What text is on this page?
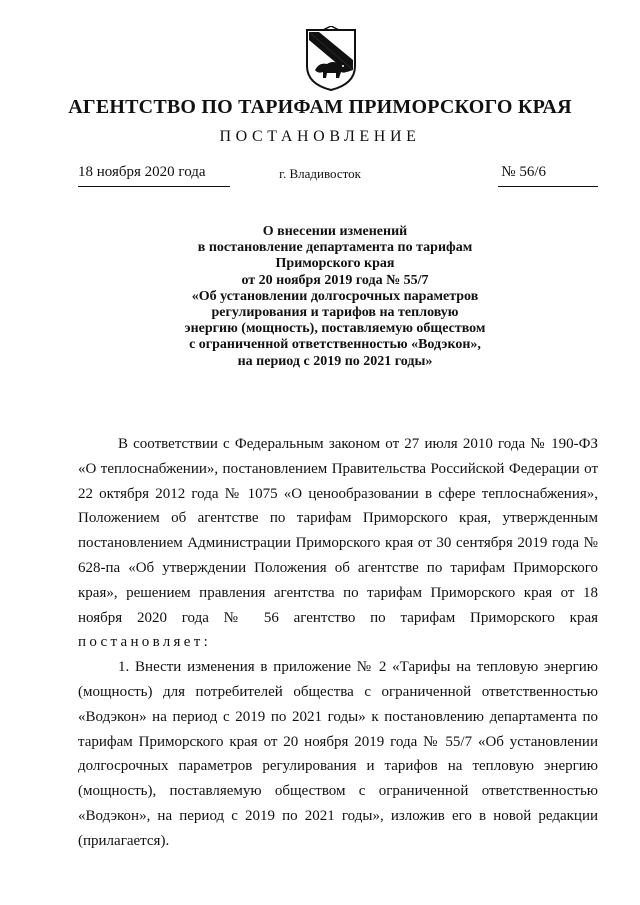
АГЕНТСТВО ПО ТАРИФАМ ПРИМОРСКОГО КРАЯ
ПОСТАНОВЛЕНИЕ
18 ноября 2020 года	г. Владивосток	№ 56/6
О внесении изменений
в постановление департамента по тарифам
Приморского края
от 20 ноября 2019 года № 55/7
«Об установлении долгосрочных параметров
регулирования и тарифов на тепловую
энергию (мощность), поставляемую обществом
с ограниченной ответственностью «Водэкон»,
на период с 2019 по 2021 годы»

В соответствии с Федеральным законом от 27 июля 2010 года № 190-ФЗ «О теплоснабжении», постановлением Правительства Российской Федерации от 22 октября 2012 года № 1075 «О ценообразовании в сфере теплоснабжения», Положением об агентстве по тарифам Приморского края, утвержденным постановлением Администрации Приморского края от 30 сентября 2019 года № 628-па «Об утверждении Положения об агентстве по тарифам Приморского края», решением правления агентства по тарифам Приморского края от 18 ноября 2020 года № 56 агентство по тарифам Приморского края постановляет:

1. Внести изменения в приложение № 2 «Тарифы на тепловую энергию (мощность) для потребителей общества с ограниченной ответственностью «Водэкон» на период с 2019 по 2021 годы» к постановлению департамента по тарифам Приморского края от 20 ноября 2019 года № 55/7 «Об установлении долгосрочных параметров регулирования и тарифов на тепловую энергию (мощность), поставляемую обществом с ограниченной ответственностью «Водэкон», на период с 2019 по 2021 годы», изложив его в новой редакции (прилагается).
